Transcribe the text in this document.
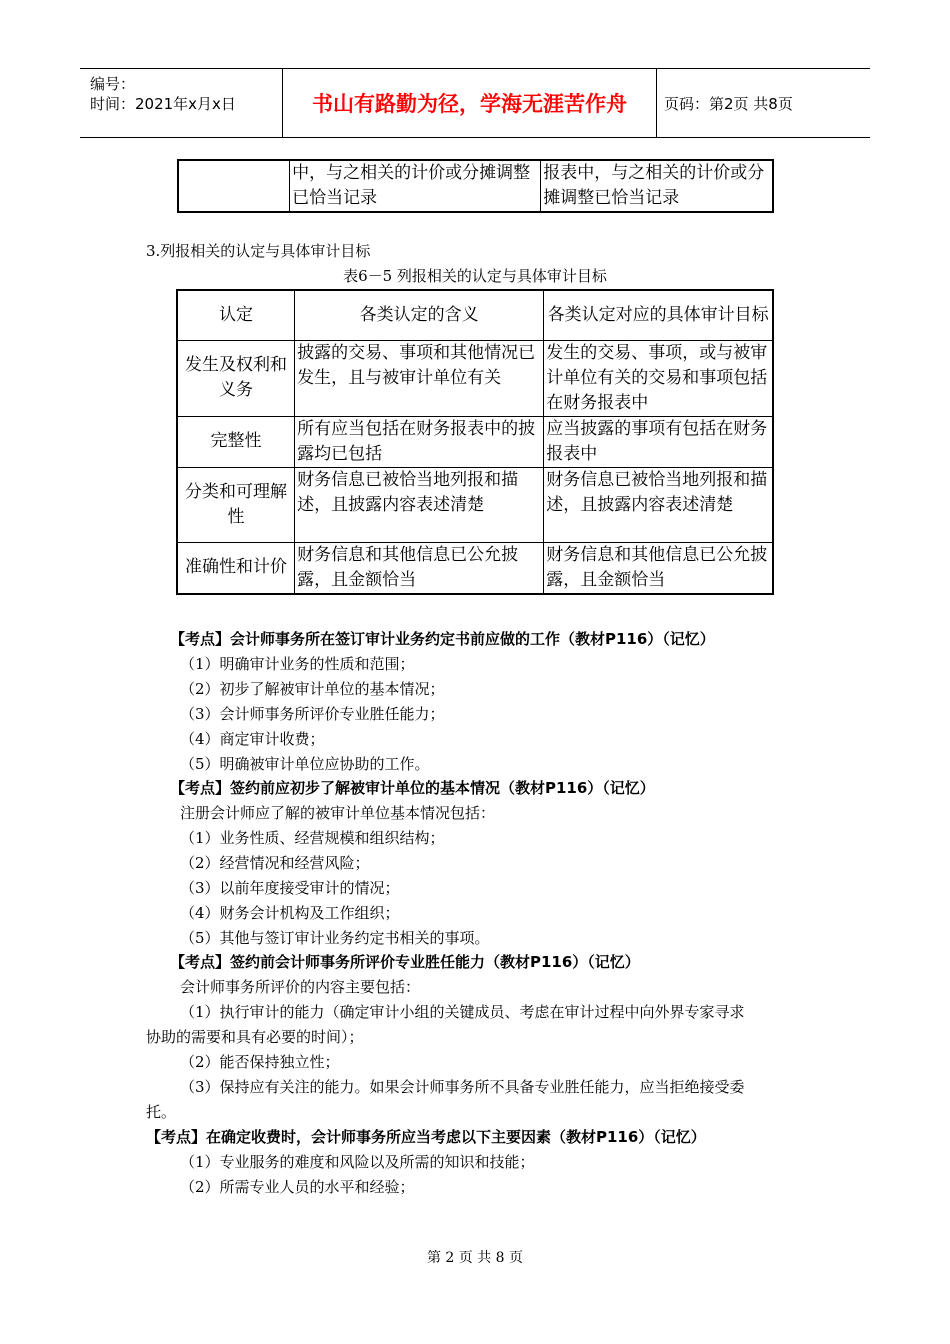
编号：
时间：2021年x月x日	书山有路勤为径，学海无涯苦作舟	页码：第2页 共8页
	中，与之相关的计价或分摊调整已恰当记录	报表中，与之相关的计价或分摊调整已恰当记录
3.列报相关的认定与具体审计目标
表6－5 列报相关的认定与具体审计目标
认定	各类认定的含义	各类认定对应的具体审计目标
发生及权利和义务	披露的交易、事项和其他情况已发生，且与被审计单位有关	发生的交易、事项，或与被审计单位有关的交易和事项包括在财务报表中
完整性	所有应当包括在财务报表中的披露均已包括	应当披露的事项有包括在财务报表中
分类和可理解性	财务信息已被恰当地列报和描述，且披露内容表述清楚	财务信息已被恰当地列报和描述，且披露内容表述清楚
准确性和计价	财务信息和其他信息已公允披露，且金额恰当	财务信息和其他信息已公允披露，且金额恰当
【考点】会计师事务所在签订审计业务约定书前应做的工作（教材P116）（记忆）
（1）明确审计业务的性质和范围；
（2）初步了解被审计单位的基本情况；
（3）会计师事务所评价专业胜任能力；
（4）商定审计收费；
（5）明确被审计单位应协助的工作。
【考点】签约前应初步了解被审计单位的基本情况（教材P116）（记忆）
注册会计师应了解的被审计单位基本情况包括：
（1）业务性质、经营规模和组织结构；
（2）经营情况和经营风险；
（3）以前年度接受审计的情况；
（4）财务会计机构及工作组织；
（5）其他与签订审计业务约定书相关的事项。
【考点】签约前会计师事务所评价专业胜任能力（教材P116）（记忆）
会计师事务所评价的内容主要包括：
（1）执行审计的能力（确定审计小组的关键成员、考虑在审计过程中向外界专家寻求
协助的需要和具有必要的时间）；
（2）能否保持独立性；
（3）保持应有关注的能力。如果会计师事务所不具备专业胜任能力，应当拒绝接受委
托。
【考点】在确定收费时，会计师事务所应当考虑以下主要因素（教材P116）（记忆）
（1）专业服务的难度和风险以及所需的知识和技能；
（2）所需专业人员的水平和经验；
第 2 页 共 8 页
